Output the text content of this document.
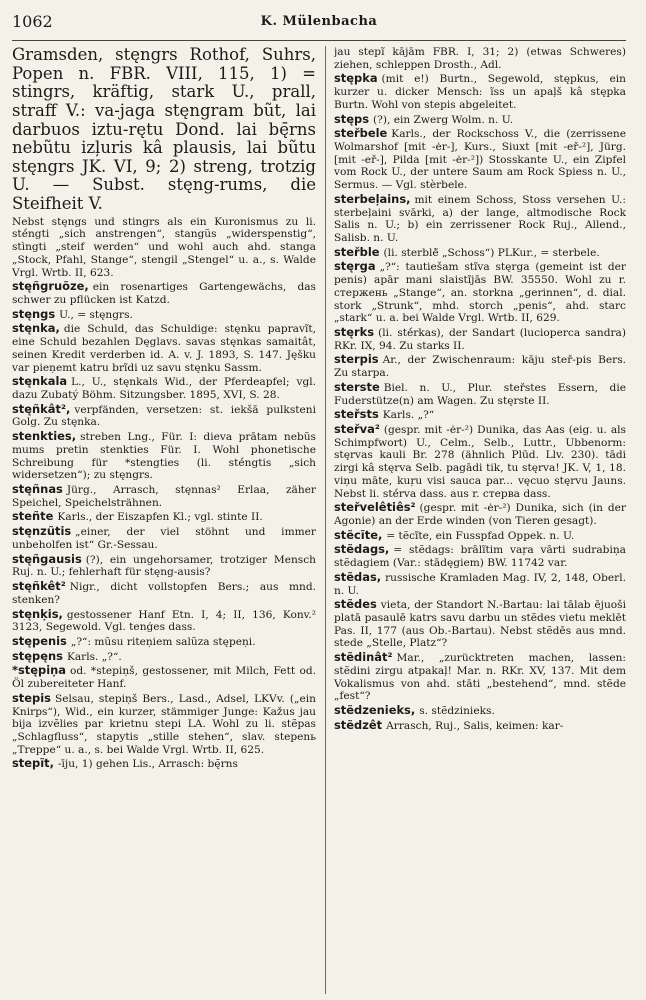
1062	K. Mülenbacha

Gramsden, stęngrs Rothof, Suhrs, Popen n. FBR. VIII, 115, 1) = stingrs, kräftig, stark U., prall, straff V.: va-jaga stęngram bũt, lai darbuos iztu-rętu Dond. lai bę̄rns nebũtu izļuris kâ plausis, lai bũtu stęngrs JK. VI, 9; 2) streng, trotzig U. — Subst. stęng-rums, die Steifheit V.

Nebst stęngs und stingrs als ein Kuronismus zu li. stė́ngti „sich anstrengen“, stangũs „widerspenstig“, stìngti „steif werden“ und wohl auch ahd. stanga „Stock, Pfahl, Stange“, stengil „Stengel“ u. a., s. Walde Vrgl. Wrtb. II, 623.

stęñgruõze, ein rosenartiges Gartengewächs, das schwer zu pflücken ist Katzd.

stęngs U., = stęngrs.

stęnka, die Schuld, das Schuldige: stęnku papravĩt, eine Schuld bezahlen Dęglavs. savas stęnkas samaitât, seinen Kredit verderben id. A. v. J. 1893, S. 147. Jęšku var pieņemt katru brĩdi uz savu stęnku Sassm.

stęnkala L., U., stęnkals Wid., der Pferdeapfel; vgl. dazu Zubatý Böhm. Sitzungsber. 1895, XVI, S. 28.

stęñkât², verpfänden, versetzen: st. iekšā pulksteni Golg. Zu stęnka.

stenkties, streben Lng., Für. I: dieva prātam nebũs mums pretin stenkties Für. I. Wohl phonetische Schreibung für *stengties (li. stė́ngtis „sich widersetzen“); zu stęngrs.

stęñnas Jürg., Arrasch, stęnnas² Erlaa, zäher Speichel, Speichelsträhnen.

steñte Karls., der Eiszapfen Kl.; vgl. stinte II.

stęnzũtis „einer, der viel stöhnt und immer unbeholfen ist“ Gr.-Sessau.

stęñgausis (?), ein ungehorsamer, trotziger Mensch Ruj. n. U.; fehlerhaft für stęng-ausis?

stęñkêt² Nigr., dicht vollstopfen Bers.; aus mnd. stenken?

stęnķis, gestossener Hanf Etn. I, 4; II, 136, Konv.² 3123, Segewold. Vgl. tenģes dass.

stępenis „?“: mũsu riteņiem salũza stępeņi.

stępęns Karls. „?“.

*stępiņa od. *stepiņš, gestossener, mit Milch, Fett od. Öl zubereiteter Hanf.

stepis Selsau, stepiņš Bers., Lasd., Adsel, LKVv. („ein Knirps“), Wid., ein kurzer, stämmiger Junge: Kažus jau bija izvẽlies par krietnu stepi LA. Wohl zu li. stẽpas „Schlagfluss“, stapytis „stille stehen“, slav. stepenь „Treppe“ u. a., s. bei Walde Vrgl. Wrtb. II, 625.

stepĩt, -īju, 1) gehen Lis., Arrasch: bę̄rns

jau stepĩ kājām FBR. I, 31; 2) (etwas Schweres) ziehen, schleppen Drosth., Adl.

stępka (mit e!) Burtn., Segewold, stępkus, ein kurzer u. dicker Mensch: ĩss un apaļš kâ stępka Burtn. Wohl von stepis abgeleitet.

stęps (?), ein Zwerg Wolm. n. U.

steřbele Karls., der Rockschoss V., die (zerrissene Wolmarshof [mit -ėr-], Kurs., Siuxt [mit -eř-²], Jürg. [mit -eř-], Pilda [mit -ėr-²]) Stosskante U., ein Zipfel vom Rock U., der untere Saum am Rock Spiess n. U., Sermus. — Vgl. stèrbele.

sterbeļains, mit einem Schoss, Stoss versehen U.: sterbeļaini svārki, a) der lange, altmodische Rock Salis n. U.; b) ein zerrissener Rock Ruj., Allend., Salisb. n. U.

steřble (li. sterblė̃ „Schoss“) PLKur., = sterbele.

stęrga „?“: tautiešam stĩva stęrga (gemeint ist der penis) apār mani slaistĩjās BW. 35550. Wohl zu r. стержень „Stange“, an. storkna „gerinnen“, d. dial. stork „Strunk“, mhd. storch „penis“, ahd. starc „stark“ u. a. bei Walde Vrgl. Wrtb. II, 629.

stęrks (li. stė́rkas), der Sandart (lucioperca sandra) RKr. IX, 94. Zu starks II.

sterpis Ar., der Zwischenraum: kāju steř-pis Bers. Zu starpa.

sterste Biel. n. U., Plur. steřstes Essern, die Fuderstütze(n) am Wagen. Zu stęrste II.

steřsts Karls. „?“

steřva² (gespr. mit -ėr-²) Dunika, das Aas (eig. u. als Schimpfwort) U., Celm., Selb., Luttr., Ubbenorm: stęrvas kauli Br. 278 (ähnlich Plūd. Llv. 230). tādi zirgi kâ stęrva Selb. pagādi tik, tu stęrva! JK. V, 1, 18. viņu māte, kuŗu visi sauca par... vęcuo stęrvu Jauns. Nebst li. stė́rva dass. aus r. стерва dass.

steřvelêtiês² (gespr. mit -ėr-²) Dunika, sich (in der Agonie) an der Erde winden (von Tieren gesagt).

stẽcĩte, = tẽcĩte, ein Fusspfad Oppek. n. U.

stẽdags, = stẽdags: brālĩtim vaŗa vārti sudrabiņa stẽdagiem (Var.: stādęgiem) BW. 11742 var.

stẽdas, russische Kramladen Mag. IV, 2, 148, Oberl. n. U.

stẽdes vieta, der Standort N.-Bartau: lai tālab ējuoši platā pasaulē katrs savu darbu un stẽdes vietu meklēt Pas. II, 177 (aus Ob.-Bartau). Nebst stẽdēs aus mnd. stede „Stelle, Platz“?

stẽdinât² Mar., „zurücktreten machen, lassen: stẽdini zirgu atpakaļ! Mar. n. RKr. XV, 137. Mit dem Vokalismus von ahd. stāti „bestehend“, mnd. stẽde „fest“?

stẽdzenieks, s. stẽdzinieks.

stẽdzêt Arrasch, Ruj., Salis, keimen: kar-
